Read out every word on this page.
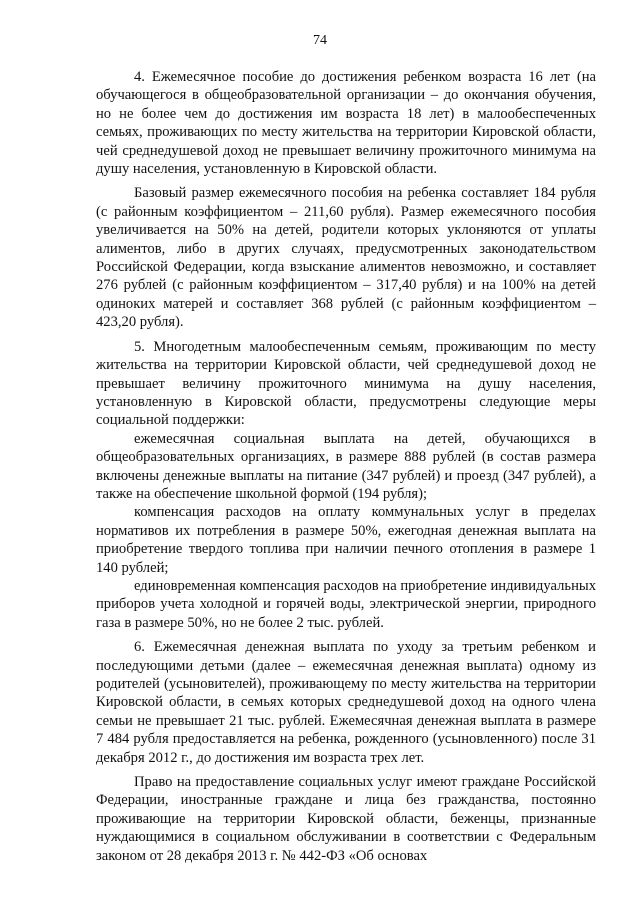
74

4. Ежемесячное пособие до достижения ребенком возраста 16 лет (на обучающегося в общеобразовательной организации – до окончания обучения, но не более чем до достижения им возраста 18 лет) в малообеспеченных семьях, проживающих по месту жительства на территории Кировской области, чей среднедушевой доход не превышает величину прожиточного минимума на душу населения, установленную в Кировской области.

Базовый размер ежемесячного пособия на ребенка составляет 184 рубля (с районным коэффициентом – 211,60 рубля). Размер ежемесячного пособия увеличивается на 50% на детей, родители которых уклоняются от уплаты алиментов, либо в других случаях, предусмотренных законодательством Российской Федерации, когда взыскание алиментов невозможно, и составляет 276 рублей (с районным коэффициентом – 317,40 рубля) и на 100% на детей одиноких матерей и составляет 368 рублей (с районным коэффициентом – 423,20 рубля).

5. Многодетным малообеспеченным семьям, проживающим по месту жительства на территории Кировской области, чей среднедушевой доход не превышает величину прожиточного минимума на душу населения, установленную в Кировской области, предусмотрены следующие меры социальной поддержки:

ежемесячная социальная выплата на детей, обучающихся в общеобразовательных организациях, в размере 888 рублей (в состав размера включены денежные выплаты на питание (347 рублей) и проезд (347 рублей), а также на обеспечение школьной формой (194 рубля);

компенсация расходов на оплату коммунальных услуг в пределах нормативов их потребления в размере 50%, ежегодная денежная выплата на приобретение твердого топлива при наличии печного отопления в размере 1 140 рублей;

единовременная компенсация расходов на приобретение индивидуальных приборов учета холодной и горячей воды, электрической энергии, природного газа в размере 50%, но не более 2 тыс. рублей.

6. Ежемесячная денежная выплата по уходу за третьим ребенком и последующими детьми (далее – ежемесячная денежная выплата) одному из родителей (усыновителей), проживающему по месту жительства на территории Кировской области, в семьях которых среднедушевой доход на одного члена семьи не превышает 21 тыс. рублей. Ежемесячная денежная выплата в размере 7 484 рубля предоставляется на ребенка, рожденного (усыновленного) после 31 декабря 2012 г., до достижения им возраста трех лет.

Право на предоставление социальных услуг имеют граждане Российской Федерации, иностранные граждане и лица без гражданства, постоянно проживающие на территории Кировской области, беженцы, признанные нуждающимися в социальном обслуживании в соответствии с Федеральным законом от 28 декабря 2013 г. № 442-ФЗ «Об основах
